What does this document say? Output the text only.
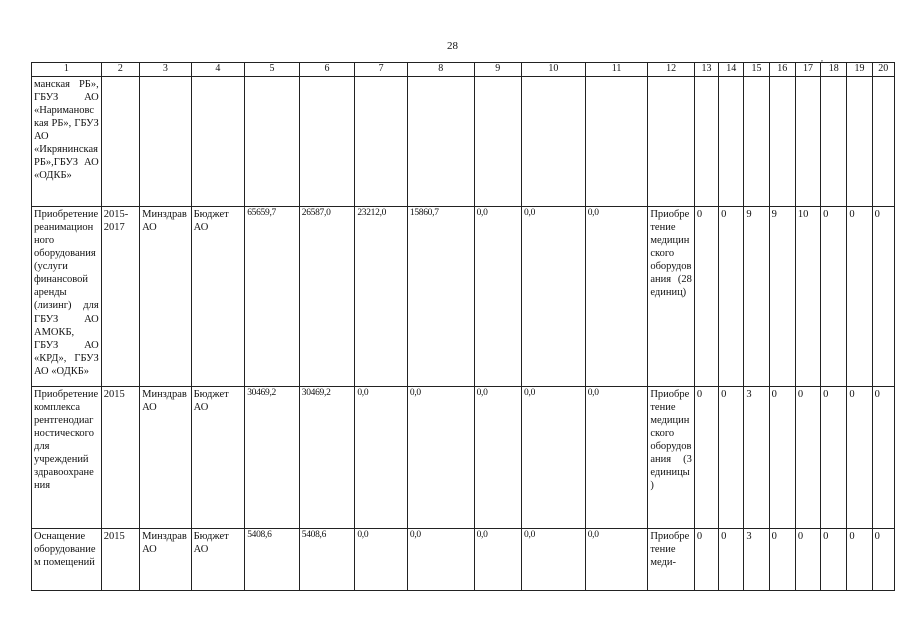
28
,
1	2	3	4	5	6	7	8	9	10	11	12	13	14	15	16	17	18	19	20
манская РБ», ГБУЗ АО «Наримановская РБ», ГБУЗ АО «Икрянинская РБ»,ГБУЗ АО «ОДКБ»																			
Приобретение реанимационного оборудования (услуги финансовой аренды (лизинг) для ГБУЗ АО АМОКБ, ГБУЗ АО «КРД», ГБУЗ АО «ОДКБ»	2015-2017	Минздрав АО	Бюджет АО	65659,7	26587,0	23212,0	15860,7	0,0	0,0	0,0	Приобретение медицинского оборудования (28 единиц)	0	0	9	9	10	0	0	0
Приобретение комплекса рентгенодиагностического для учреждений здравоохранения	2015	Минздрав АО	Бюджет АО	30469,2	30469,2	0,0	0,0	0,0	0,0	0,0	Приобретение медицинского оборудования (3 единицы)	0	0	3	0	0	0	0	0
Оснащение оборудованием помещений	2015	Минздрав АО	Бюджет АО	5408,6	5408,6	0,0	0,0	0,0	0,0	0,0	Приобретение меди-	0	0	3	0	0	0	0	0
